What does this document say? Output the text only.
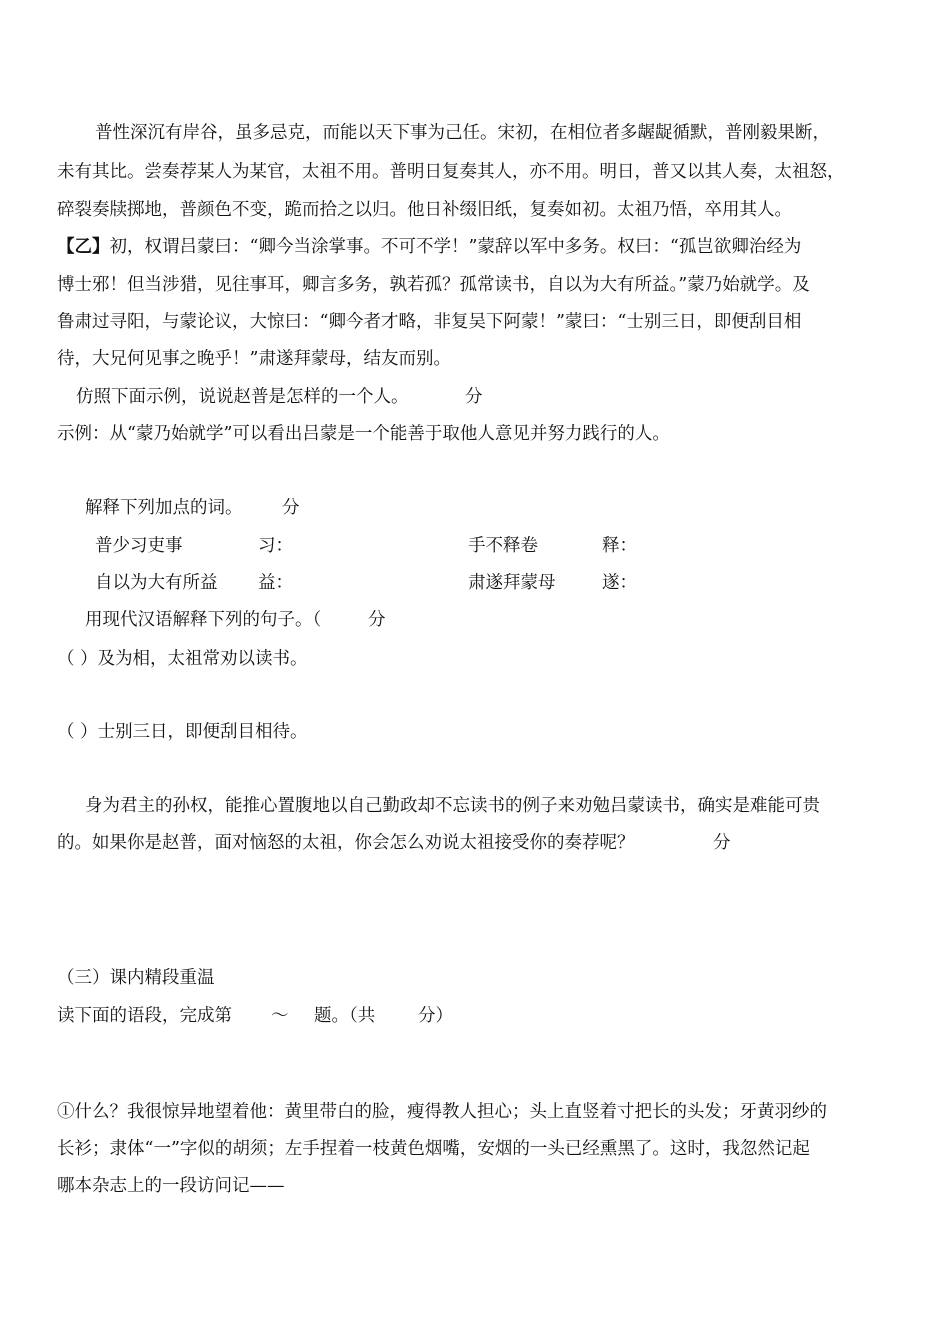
普性深沉有岸谷，虽多忌克，而能以天下事为己任。宋初，在相位者多龌龊循默，普刚毅果断，

未有其比。尝奏荐某人为某官，太祖不用。普明日复奏其人，亦不用。明日，普又以其人奏，太祖怒，

碎裂奏牍掷地，普颜色不变，跪而拾之以归。他日补缀旧纸，复奏如初。太祖乃悟，卒用其人。

【乙】初，权谓吕蒙曰：“卿今当涂掌事。不可不学！”蒙辞以军中多务。权曰：“孤岂欲卿治经为

博士邪！但当涉猎，见往事耳，卿言多务，孰若孤？孤常读书，自以为大有所益。”蒙乃始就学。及

鲁肃过寻阳，与蒙论议，大惊曰：“卿今者才略，非复吴下阿蒙！”蒙曰：“士别三日，即便刮目相

待，大兄何见事之晚乎！”肃遂拜蒙母，结友而别。

仿照下面示例，说说赵普是怎样的一个人。	分

示例：从“蒙乃始就学”可以看出吕蒙是一个能善于取他人意见并努力践行的人。

解释下列加点的词。 分

普少习吏事	习：	手不释卷	释：

自以为大有所益 益：	肃遂拜蒙母	遂：

用现代汉语解释下列的句子。（	分

（ ）及为相，太祖常劝以读书。

（ ）士别三日，即便刮目相待。

身为君主的孙权，能推心置腹地以自己勤政却不忘读书的例子来劝勉吕蒙读书，确实是难能可贵

的。如果你是赵普，面对恼怒的太祖，你会怎么劝说太祖接受你的奏荐呢？	分

（三）课内精段重温

读下面的语段，完成第 ～ 题。（共 分）

①什么？我很惊异地望着他：黄里带白的脸，瘦得教人担心；头上直竖着寸把长的头发；牙黄羽纱的

长衫；隶体“一”字似的胡须；左手捏着一枝黄色烟嘴，安烟的一头已经熏黑了。这时，我忽然记起

哪本杂志上的一段访问记——
